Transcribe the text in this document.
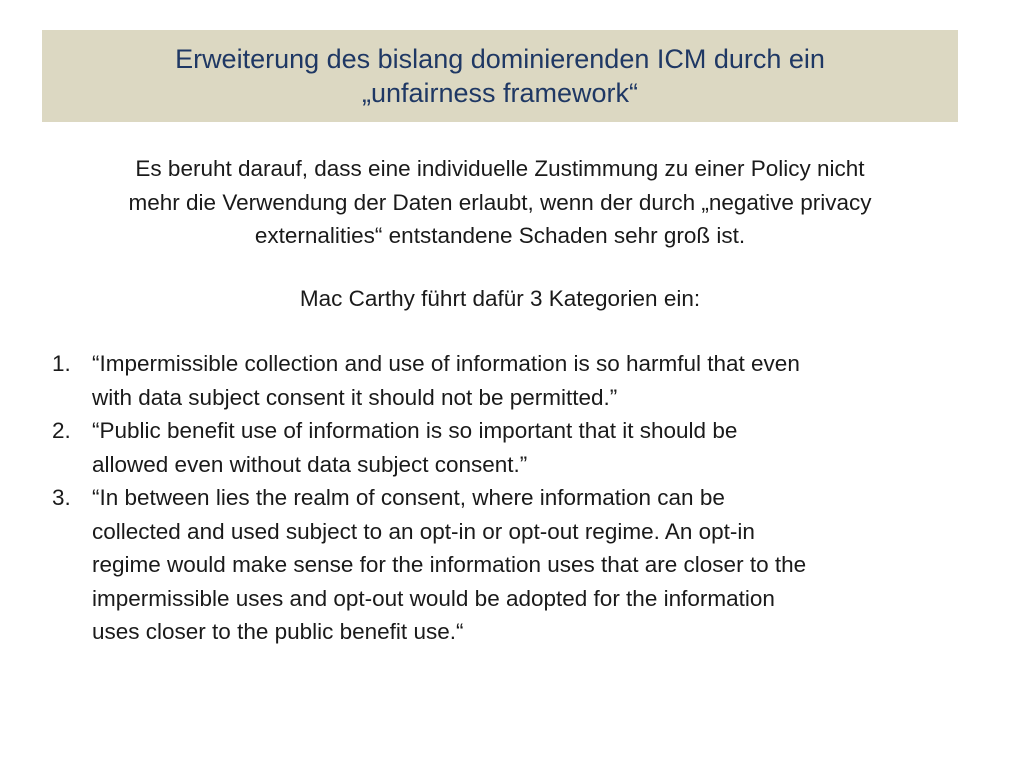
Erweiterung des bislang dominierenden ICM durch ein
„unfairness framework“
Es beruht darauf, dass eine individuelle Zustimmung zu einer Policy nicht
mehr die Verwendung der Daten erlaubt, wenn der durch „negative privacy
externalities“ entstandene Schaden sehr groß ist.
Mac Carthy führt dafür 3 Kategorien ein:
1. “Impermissible collection and use of information is so harmful that even
with data subject consent it should not be permitted.”
2. “Public benefit use of information is so important that it should be
allowed even without data subject consent.”
3. “In between lies the realm of consent, where information can be
collected and used subject to an opt-in or opt-out regime. An opt-in
regime would make sense for the information uses that are closer to the
impermissible uses and opt-out would be adopted for the information
uses closer to the public benefit use.“
